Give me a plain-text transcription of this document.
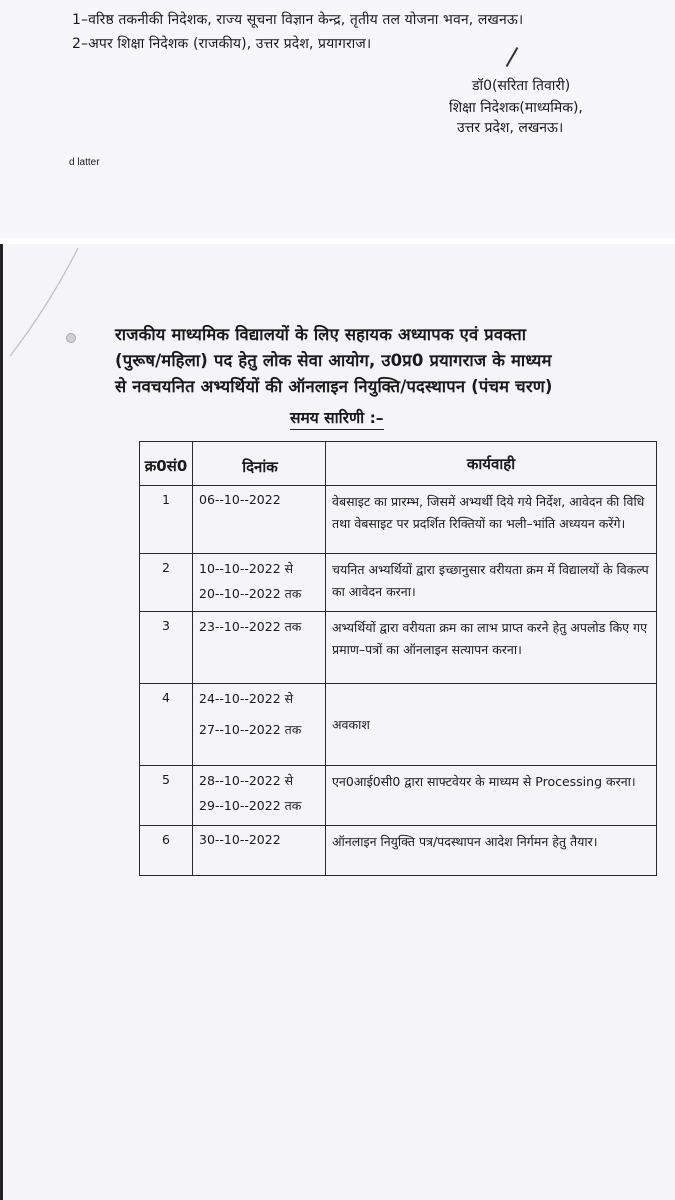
1–वरिष्ठ तकनीकी निदेशक, राज्य सूचना विज्ञान केन्द्र, तृतीय तल योजना भवन, लखनऊ।
2–अपर शिक्षा निदेशक (राजकीय), उत्तर प्रदेश, प्रयागराज।
डॉ0(सरिता तिवारी)
शिक्षा निदेशक(माध्यमिक),
उत्तर प्रदेश, लखनऊ।
d latter
राजकीय माध्यमिक विद्यालयों के लिए सहायक अध्यापक एवं प्रवक्ता
(पुरूष/महिला) पद हेतु लोक सेवा आयोग, उ0प्र0 प्रयागराज के माध्यम
से नवचयनित अभ्यर्थियों की ऑनलाइन नियुक्ति/पदस्थापन (पंचम चरण)
समय सारिणी :–
क्र0सं0	दिनांक	कार्यवाही
1	06--10--2022	वेबसाइट का प्रारम्भ, जिसमें अभ्यर्थी दिये गये निर्देश, आवेदन की विधि तथा वेबसाइट पर प्रदर्शित रिक्तियों का भली–भांति अध्ययन करेंगे।
2	10--10--2022 से
20--10--2022 तक	चयनित अभ्यर्थियों द्वारा इच्छानुसार वरीयता क्रम में विद्यालयों के विकल्प का आवेदन करना।
3	23--10--2022 तक	अभ्यर्थियों द्वारा वरीयता क्रम का लाभ प्राप्त करने हेतु अपलोड किए गए प्रमाण–पत्रों का ऑनलाइन सत्यापन करना।
4	24--10--2022 से
27--10--2022 तक	अवकाश
5	28--10--2022 से
29--10--2022 तक	एन0आई0सी0 द्वारा साफ्टवेयर के माध्यम से Processing करना।
6	30--10--2022	ऑनलाइन नियुक्ति पत्र/पदस्थापन आदेश निर्गमन हेतु तैयार।
